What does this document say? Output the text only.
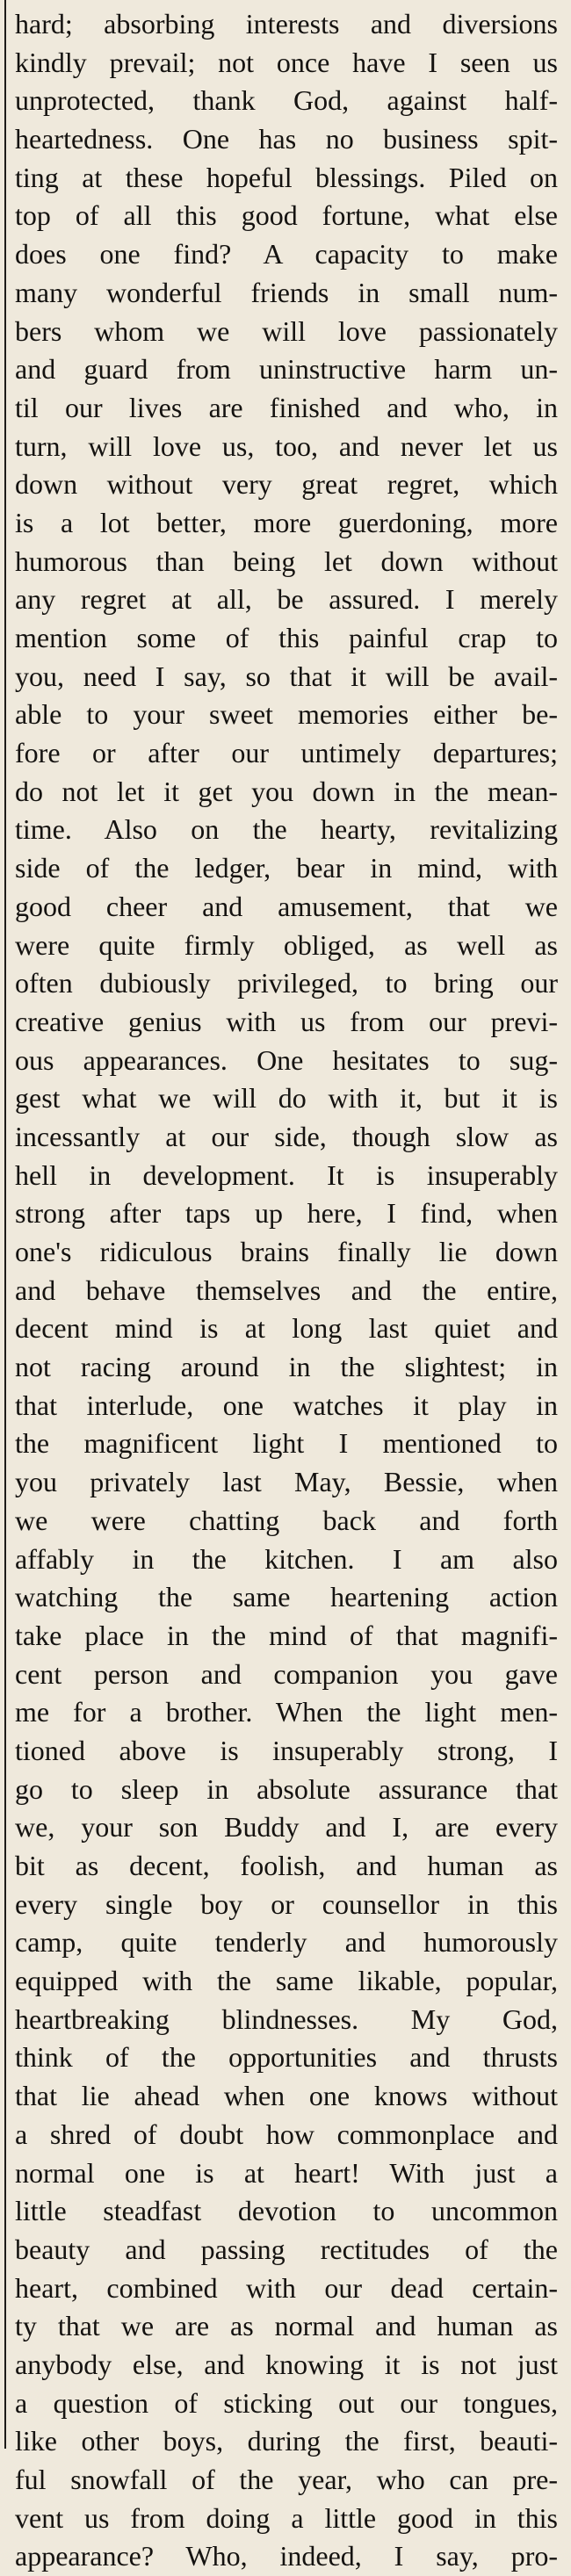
hard; absorbing interests and diversions
kindly prevail; not once have I seen us
unprotected, thank God, against half-
heartedness. One has no business spit-
ting at these hopeful blessings. Piled on
top of all this good fortune, what else
does one find? A capacity to make
many wonderful friends in small num-
bers whom we will love passionately
and guard from uninstructive harm un-
til our lives are finished and who, in
turn, will love us, too, and never let us
down without very great regret, which
is a lot better, more guerdoning, more
humorous than being let down without
any regret at all, be assured. I merely
mention some of this painful crap to
you, need I say, so that it will be avail-
able to your sweet memories either be-
fore or after our untimely departures;
do not let it get you down in the mean-
time. Also on the hearty, revitalizing
side of the ledger, bear in mind, with
good cheer and amusement, that we
were quite firmly obliged, as well as
often dubiously privileged, to bring our
creative genius with us from our previ-
ous appearances. One hesitates to sug-
gest what we will do with it, but it is
incessantly at our side, though slow as
hell in development. It is insuperably
strong after taps up here, I find, when
one's ridiculous brains finally lie down
and behave themselves and the entire,
decent mind is at long last quiet and
not racing around in the slightest; in
that interlude, one watches it play in
the magnificent light I mentioned to
you privately last May, Bessie, when
we were chatting back and forth
affably in the kitchen. I am also
watching the same heartening action
take place in the mind of that magnifi-
cent person and companion you gave
me for a brother. When the light men-
tioned above is insuperably strong, I
go to sleep in absolute assurance that
we, your son Buddy and I, are every
bit as decent, foolish, and human as
every single boy or counsellor in this
camp, quite tenderly and humorously
equipped with the same likable, popular,
heartbreaking blindnesses. My God,
think of the opportunities and thrusts
that lie ahead when one knows without
a shred of doubt how commonplace and
normal one is at heart! With just a
little steadfast devotion to uncommon
beauty and passing rectitudes of the
heart, combined with our dead certain-
ty that we are as normal and human as
anybody else, and knowing it is not just
a question of sticking out our tongues,
like other boys, during the first, beauti-
ful snowfall of the year, who can pre-
vent us from doing a little good in this
appearance? Who, indeed, I say, pro-
